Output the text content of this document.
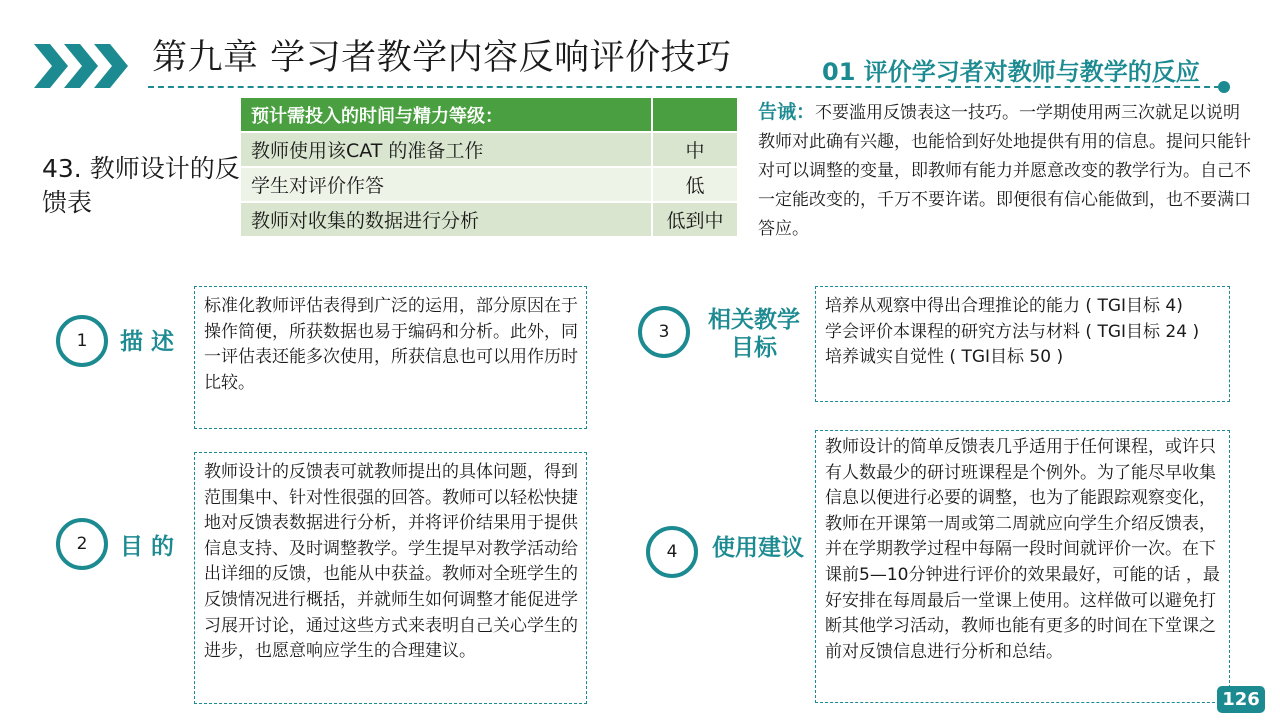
第九章 学习者教学内容反响评价技巧	01 评价学习者对教师与教学的反应
43. 教师设计的反馈表
预计需投入的时间与精力等级：	
教师使用该CAT 的准备工作	中
学生对评价作答	低
教师对收集的数据进行分析	低到中
告诫：不要滥用反馈表这一技巧。一学期使用两三次就足以说明教师对此确有兴趣，也能恰到好处地提供有用的信息。提问只能针对可以调整的变量，即教师有能力并愿意改变的教学行为。自己不一定能改变的，千万不要许诺。即便很有信心能做到，也不要满口答应。
1	描 述
标准化教师评估表得到广泛的运用，部分原因在于操作简便，所获数据也易于编码和分析。此外，同一评估表还能多次使用，所获信息也可以用作历时比较。
2	目 的
教师设计的反馈表可就教师提出的具体问题，得到范围集中、针对性很强的回答。教师可以轻松快捷地对反馈表数据进行分析，并将评价结果用于提供信息支持、及时调整教学。学生提早对教学活动给出详细的反馈，也能从中获益。教师对全班学生的反馈情况进行概括，并就师生如何调整才能促进学习展开讨论，通过这些方式来表明自己关心学生的进步，也愿意响应学生的合理建议。
3	相关教学
目标
培养从观察中得出合理推论的能力 ( TGI目标 4)
学会评价本课程的研究方法与材料 ( TGI目标 24 )
培养诚实自觉性 ( TGI目标 50 )
4	使用建议
教师设计的简单反馈表几乎适用于任何课程，或许只有人数最少的研讨班课程是个例外。为了能尽早收集信息以便进行必要的调整，也为了能跟踪观察变化，教师在开课第一周或第二周就应向学生介绍反馈表，并在学期教学过程中每隔一段时间就评价一次。在下课前5—10分钟进行评价的效果最好，可能的话 ，最好安排在每周最后一堂课上使用。这样做可以避免打断其他学习活动，教师也能有更多的时间在下堂课之前对反馈信息进行分析和总结。
126
